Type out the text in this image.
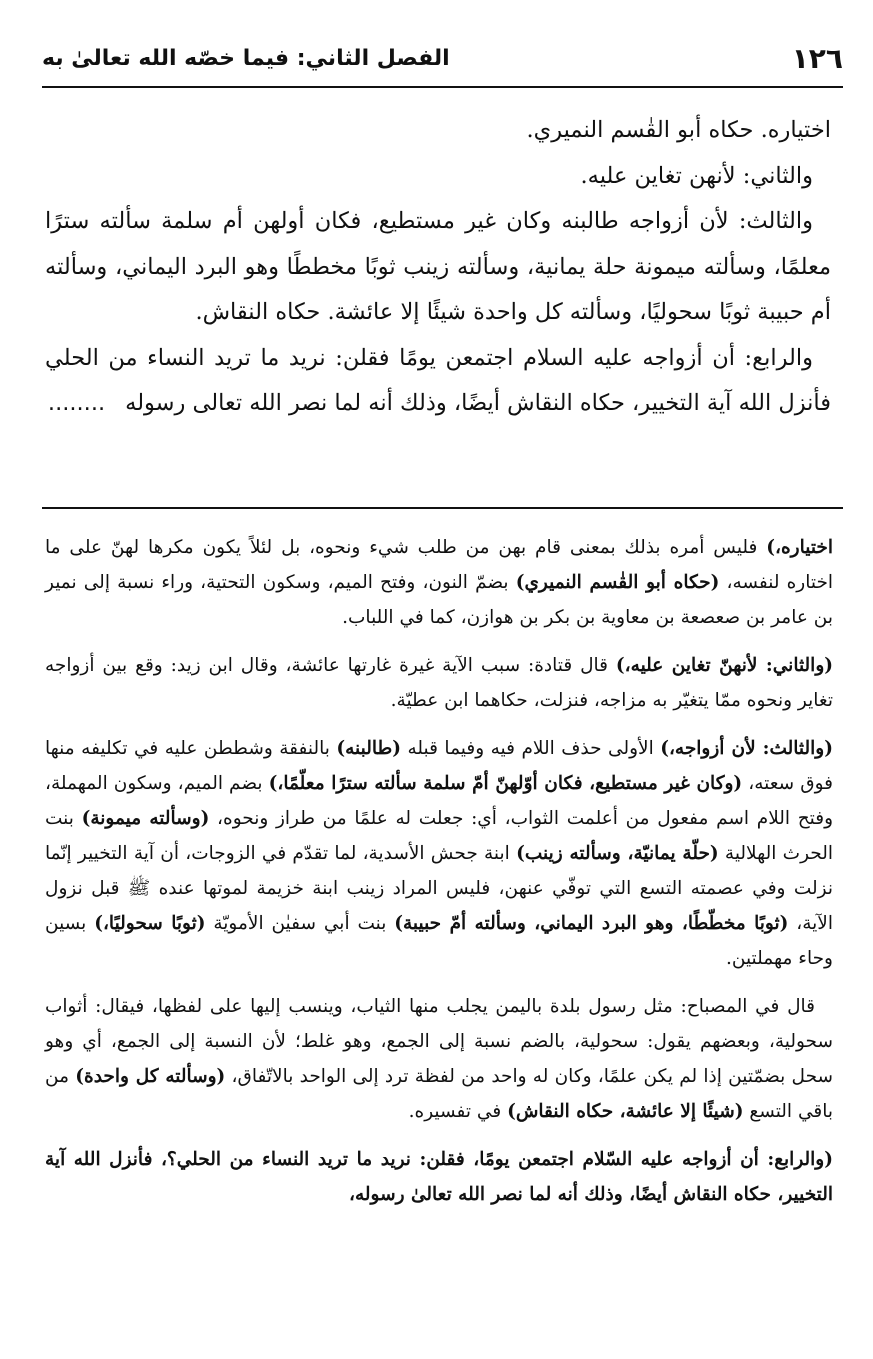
١٢٦
الفصل الثاني: فيما خصّه الله تعالىٰ به

اختياره. حكاه أبو القٰسم النميري.

والثاني: لأنهن تغاين عليه.

والثالث: لأن أزواجه طالبنه وكان غير مستطيع، فكان أولهن أم سلمة سألته سترًا معلمًا، وسألته ميمونة حلة يمانية، وسألته زينب ثوبًا مخططًا وهو البرد اليماني، وسألته أم حبيبة ثوبًا سحوليًا، وسألته كل واحدة شيئًا إلا عائشة. حكاه النقاش.

والرابع: أن أزواجه عليه السلام اجتمعن يومًا فقلن: نريد ما تريد النساء من الحلي فأنزل الله آية التخيير، حكاه النقاش أيضًا، وذلك أنه لما نصر الله تعالى رسوله........

اختياره،) فليس أمره بذلك بمعنى قام بهن من طلب شيء ونحوه، بل لئلاً يكون مكرها لهنّ على ما اختاره لنفسه، (حكاه أبو القٰسم النميري) بضمّ النون، وفتح الميم، وسكون التحتية، وراء نسبة إلى نمير بن عامر بن صعصعة بن معاوية بن بكر بن هوازن، كما في اللباب.

(والثاني: لأنهنّ تغاين عليه،) قال قتادة: سبب الآية غيرة غارتها عائشة، وقال ابن زيد: وقع بين أزواجه تغاير ونحوه ممّا يتغيّر به مزاجه، فنزلت، حكاهما ابن عطيّة.

(والثالث: لأن أزواجه،) الأولى حذف اللام فيه وفيما قبله (طالبنه) بالنفقة وشططن عليه في تكليفه منها فوق سعته، (وكان غير مستطيع، فكان أوّلهنّ أمّ سلمة سألته سترًا معلّمًا،) بضم الميم، وسكون المهملة، وفتح اللام اسم مفعول من أعلمت الثواب، أي: جعلت له علمًا من طراز ونحوه، (وسألته ميمونة) بنت الحرث الهلالية (حلّة يمانيّة، وسألته زينب) ابنة جحش الأسدية، لما تقدّم في الزوجات، أن آية التخيير إنّما نزلت وفي عصمته التسع التي توفّي عنهن، فليس المراد زينب ابنة خزيمة لموتها عنده ﷺ قبل نزول الآية، (ثوبًا مخطّطًا، وهو البرد اليماني، وسألته أمّ حبيبة) بنت أبي سفيٰن الأمويّة (ثوبًا سحوليًا،) بسين وحاء مهملتين.

قال في المصباح: مثل رسول بلدة باليمن يجلب منها الثياب، وينسب إليها على لفظها، فيقال: أثواب سحولية، وبعضهم يقول: سحولية، بالضم نسبة إلى الجمع، وهو غلط؛ لأن النسبة إلى الجمع، أي وهو سحل بضمّتين إذا لم يكن علمًا، وكان له واحد من لفظة ترد إلى الواحد بالاتّفاق، (وسألته كل واحدة) من باقي التسع (شيئًا إلا عائشة، حكاه النقاش) في تفسيره.

(والرابع: أن أزواجه عليه السّلام اجتمعن يومًا، فقلن: نريد ما تريد النساء من الحلي؟، فأنزل الله آية التخيير، حكاه النقاش أيضًا، وذلك أنه لما نصر الله تعالىٰ رسوله،
